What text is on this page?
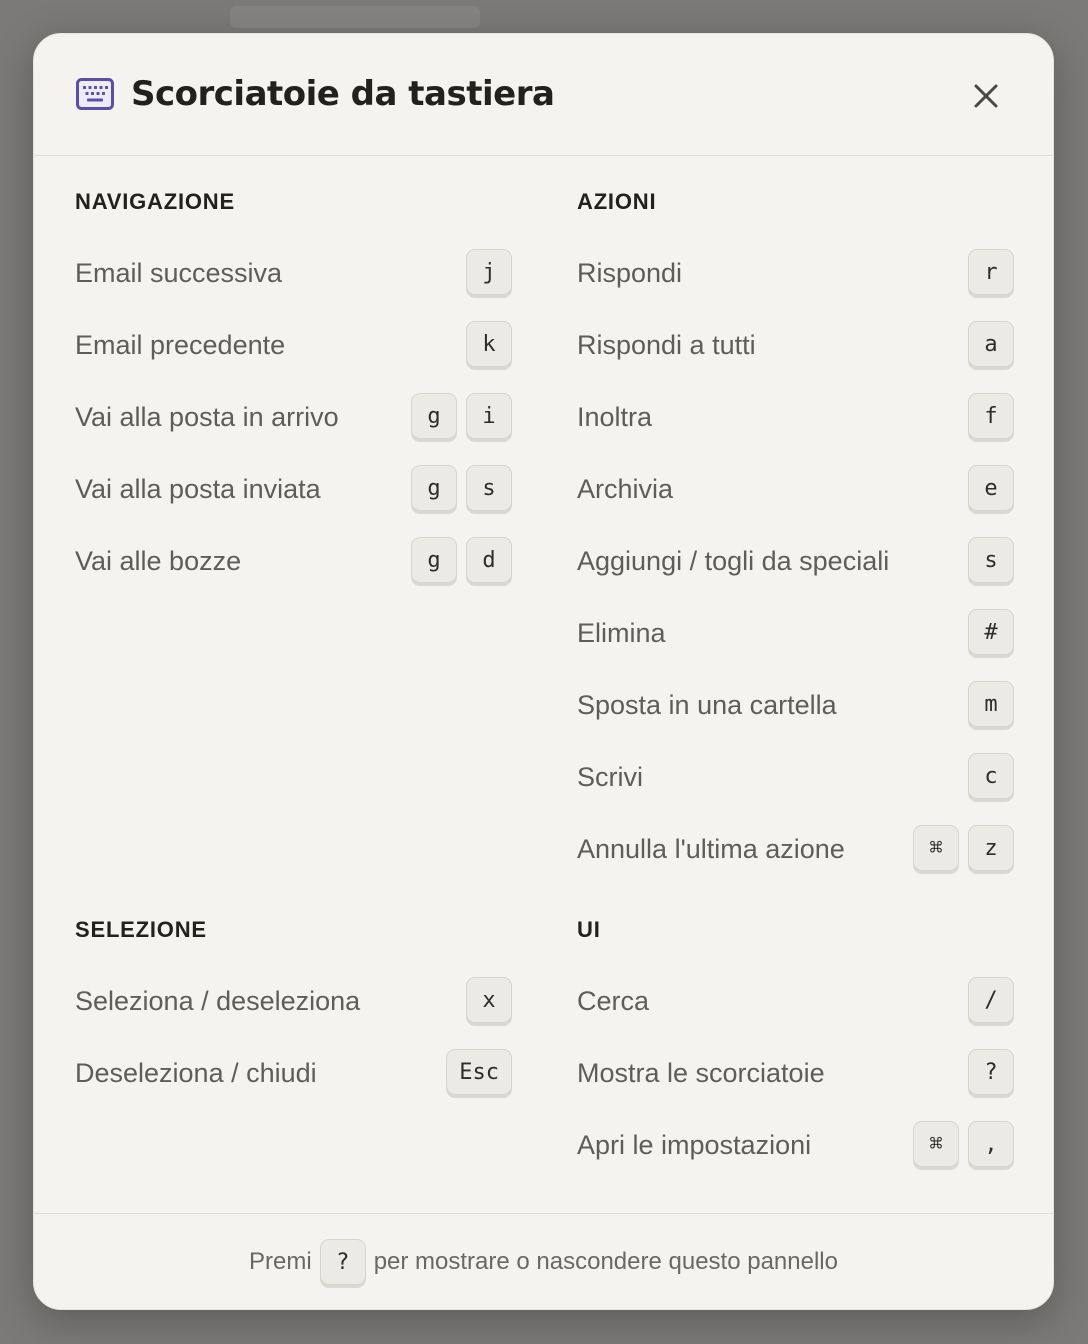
Scorciatoie da tastiera
NAVIGAZIONE
Email successiva	j
Email precedente	k
Vai alla posta in arrivo	g	i
Vai alla posta inviata	g	s
Vai alle bozze	g	d
AZIONI
Rispondi	r
Rispondi a tutti	a
Inoltra	f
Archivia	e
Aggiungi / togli da speciali	s
Elimina	#
Sposta in una cartella	m
Scrivi	c
Annulla l'ultima azione	⌘	z
SELEZIONE
Seleziona / deseleziona	x
Deseleziona / chiudi	Esc
UI
Cerca	/
Mostra le scorciatoie	?
Apri le impostazioni	⌘	,
Premi	?	per mostrare o nascondere questo pannello
